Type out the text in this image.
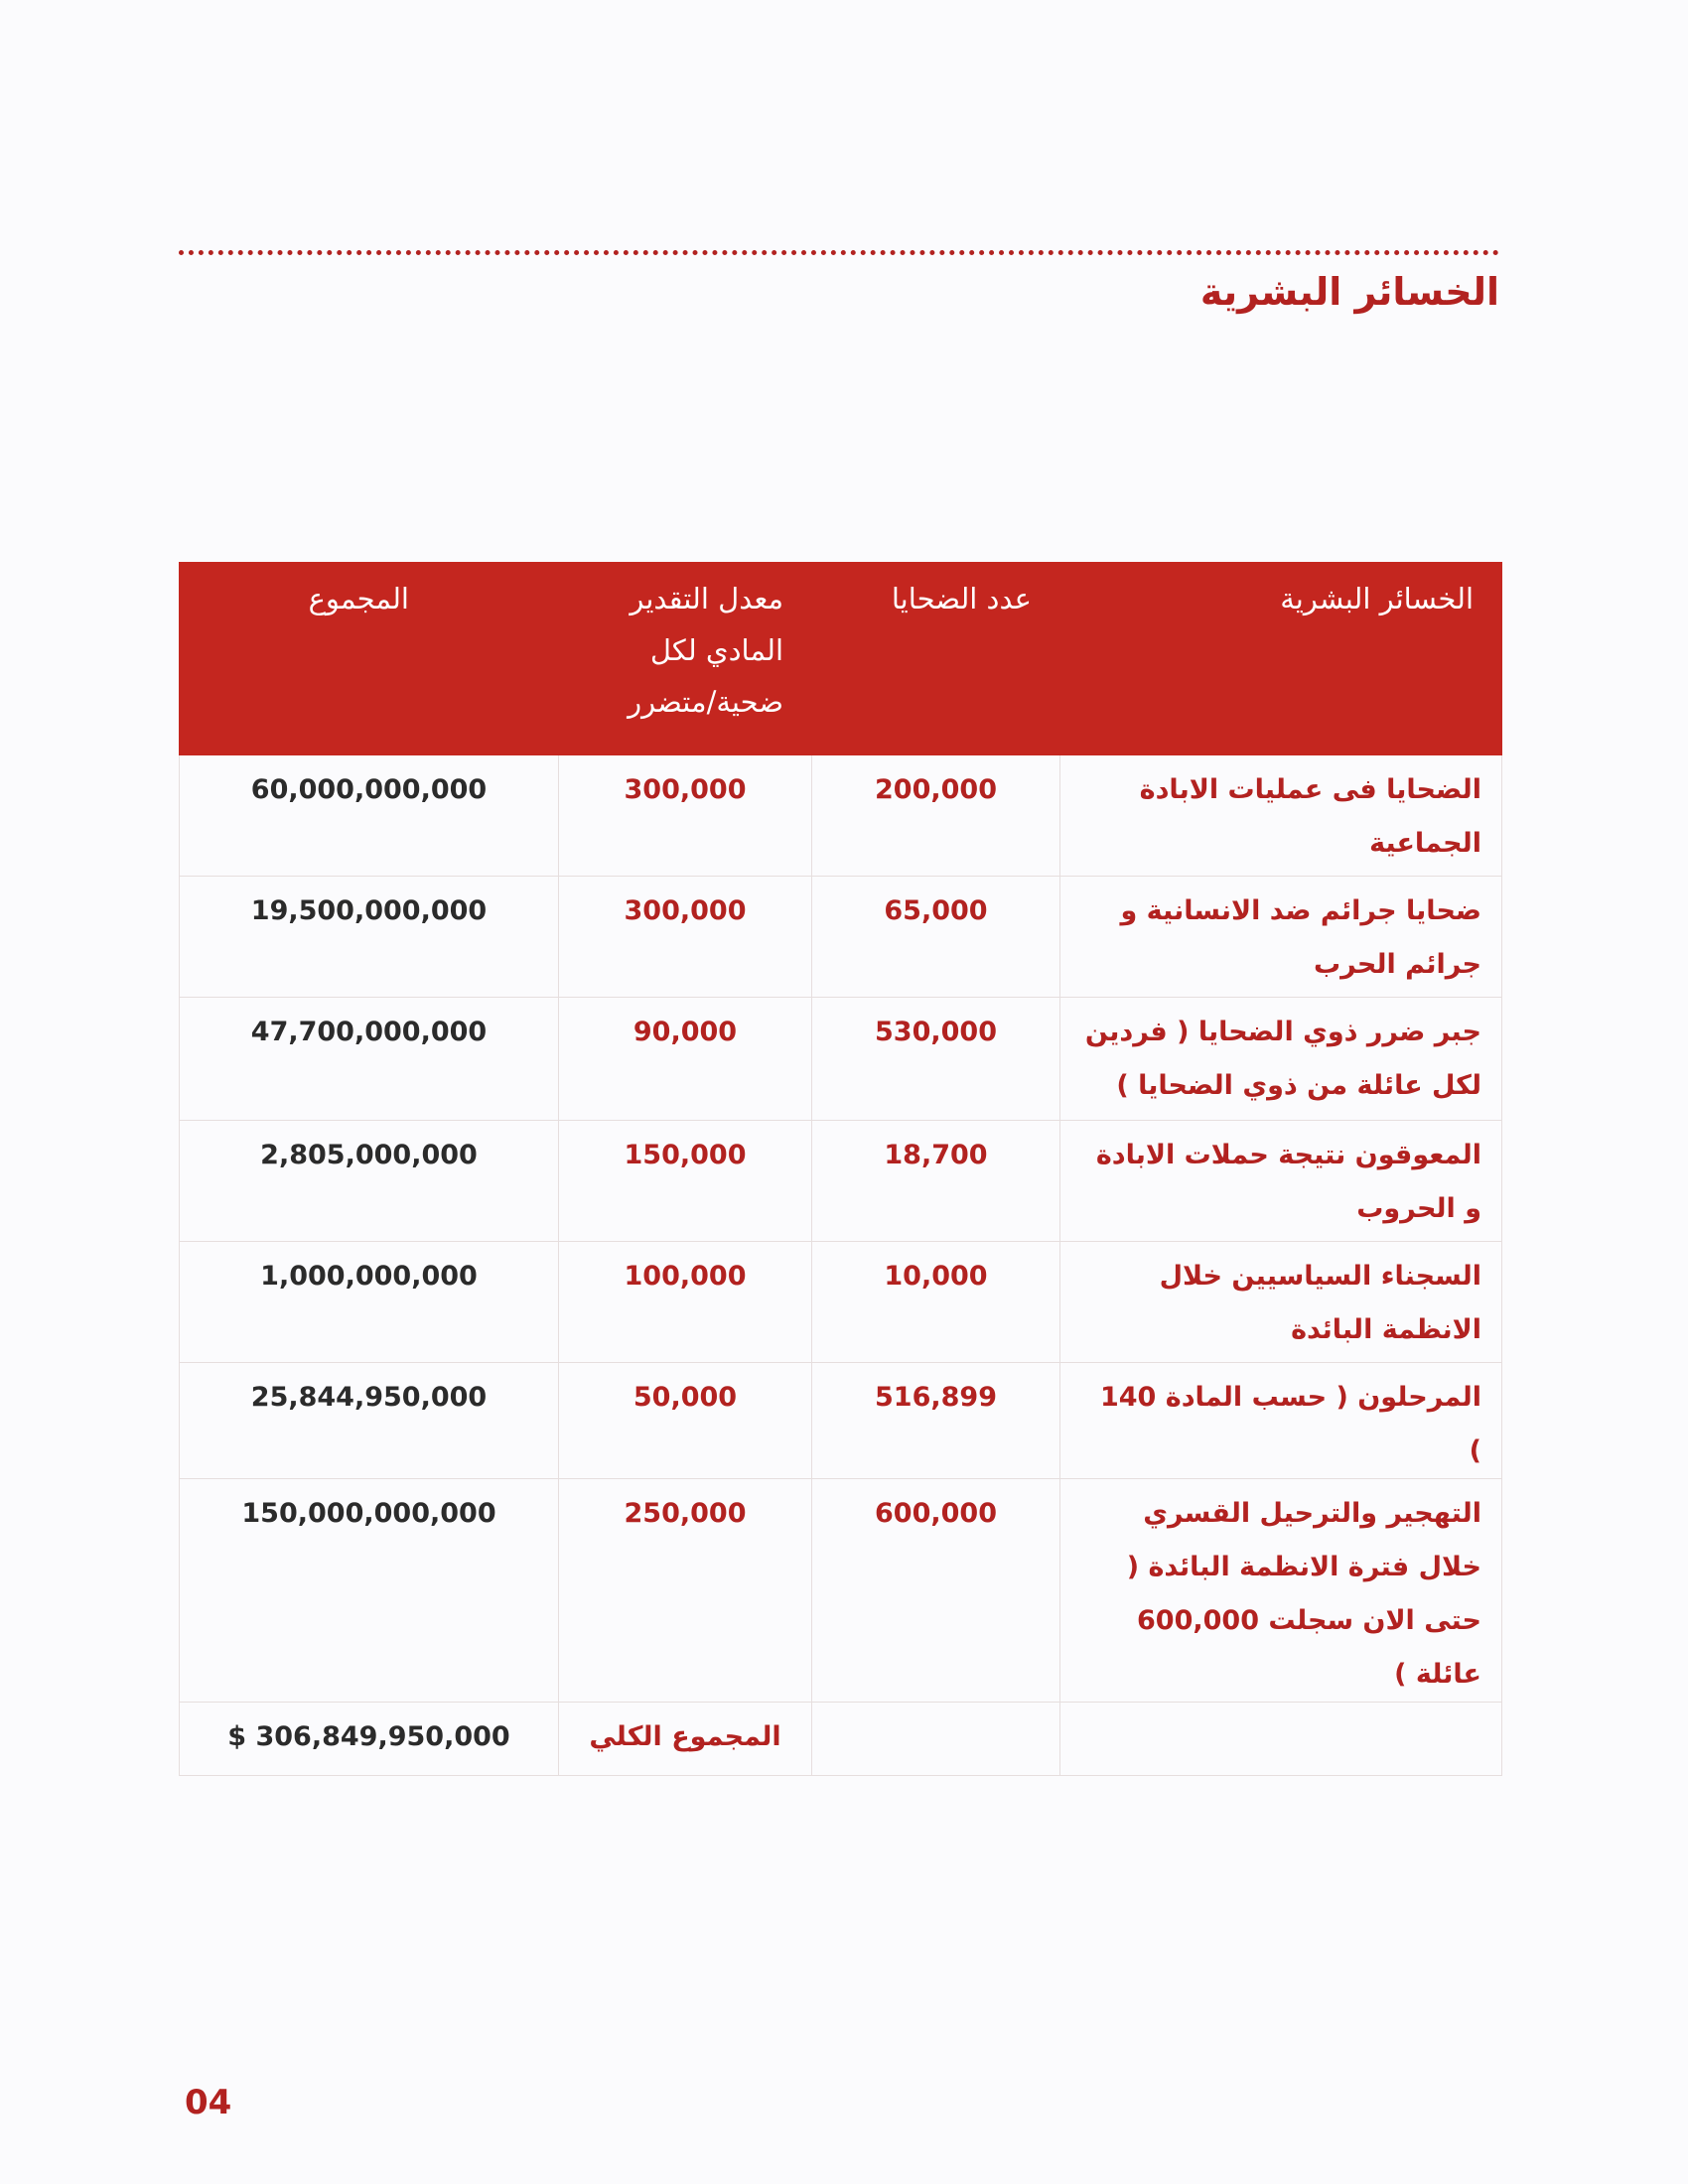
الخسائر البشرية
الخسائر البشرية	عدد الضحايا	معدل التقدير المادي لكل ضحية/متضرر	المجموع
الضحايا فى عمليات الابادة الجماعية	200,000	300,000	60,000,000,000
ضحايا جرائم ضد الانسانية و جرائم الحرب	65,000	300,000	19,500,000,000
جبر ضرر ذوي الضحايا ( فردين لكل عائلة من ذوي الضحايا )	530,000	90,000	47,700,000,000
المعوقون نتيجة حملات الابادة و الحروب	18,700	150,000	2,805,000,000
السجناء السياسيين خلال الانظمة البائدة	10,000	100,000	1,000,000,000
المرحلون ( حسب المادة 140 )	516,899	50,000	25,844,950,000
التهجير والترحيل القسري خلال فترة الانظمة البائدة ( حتى الان سجلت 600,000 عائلة )	600,000	250,000	150,000,000,000
		المجموع الكلي	$ 306,849,950,000
04
